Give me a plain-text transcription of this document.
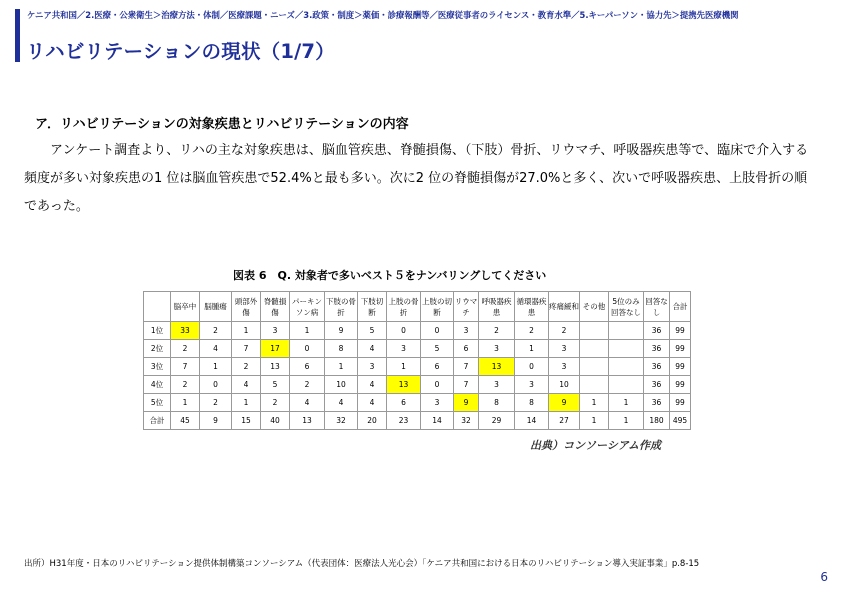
ケニア共和国／2.医療・公衆衛生＞治療方法・体制／医療課題・ニーズ／3.政策・制度＞薬価・診療報酬等／医療従事者のライセンス・教育水準／5.キーパーソン・協力先＞提携先医療機関
リハビリテーションの現状（1/7）
ア．リハビリテーションの対象疾患とリハビリテーションの内容

アンケート調査より、リハの主な対象疾患は、脳血管疾患、脊髄損傷、（下肢）骨折、リウマチ、呼吸器疾患等で、臨床で介入する頻度が多い対象疾患の1 位は脳血管疾患で52.4%と最も多い。次に2 位の脊髄損傷が27.0%と多く、次いで呼吸器疾患、上肢骨折の順であった。

図表 6　Q. 対象者で多いベスト５をナンバリングしてください
	脳卒中	脳腫瘍	頭部外傷	脊髄損傷	パーキンソン病	下肢の骨折	下肢切断	上肢の骨折	上肢の切断	リウマチ	呼吸器疾患	循環器疾患	疼痛緩和	その他	5位のみ回答なし	回答なし	合計
1位	33	2	1	3	1	9	5	0	0	3	2	2	2			36	99
2位	2	4	7	17	0	8	4	3	5	6	3	1	3			36	99
3位	7	1	2	13	6	1	3	1	6	7	13	0	3			36	99
4位	2	0	4	5	2	10	4	13	0	7	3	3	10			36	99
5位	1	2	1	2	4	4	4	6	3	9	8	8	9	1	1	36	99
合計	45	9	15	40	13	32	20	23	14	32	29	14	27	1	1	180	495
出典）コンソーシアム作成
出所）H31年度・日本のリハビリテーション提供体制構築コンソーシアム（代表団体：医療法人光心会）「ケニア共和国における日本のリハビリテーション導入実証事業」p.8-15
6
